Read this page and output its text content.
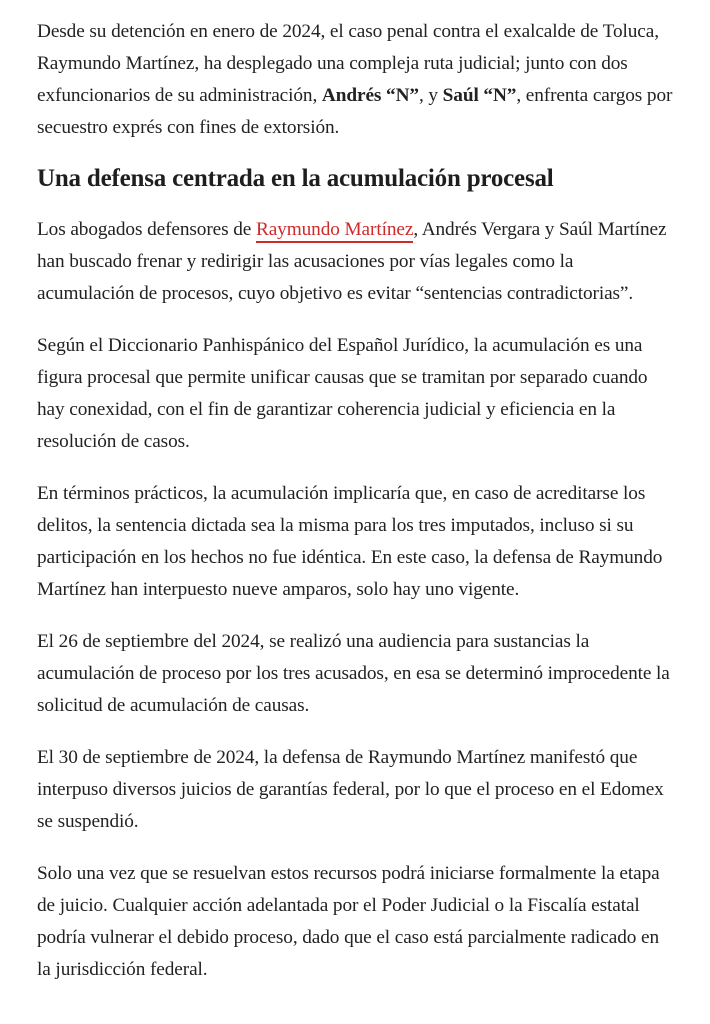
Desde su detención en enero de 2024, el caso penal contra el exalcalde de Toluca, Raymundo Martínez, ha desplegado una compleja ruta judicial; junto con dos exfuncionarios de su administración, Andrés “N”, y Saúl “N”, enfrenta cargos por secuestro exprés con fines de extorsión.

Una defensa centrada en la acumulación procesal

Los abogados defensores de Raymundo Martínez, Andrés Vergara y Saúl Martínez han buscado frenar y redirigir las acusaciones por vías legales como la acumulación de procesos, cuyo objetivo es evitar “sentencias contradictorias”.

Según el Diccionario Panhispánico del Español Jurídico, la acumulación es una figura procesal que permite unificar causas que se tramitan por separado cuando hay conexidad, con el fin de garantizar coherencia judicial y eficiencia en la resolución de casos.

En términos prácticos, la acumulación implicaría que, en caso de acreditarse los delitos, la sentencia dictada sea la misma para los tres imputados, incluso si su participación en los hechos no fue idéntica. En este caso, la defensa de Raymundo Martínez han interpuesto nueve amparos, solo hay uno vigente.

El 26 de septiembre del 2024, se realizó una audiencia para sustancias la acumulación de proceso por los tres acusados, en esa se determinó improcedente la solicitud de acumulación de causas.

El 30 de septiembre de 2024, la defensa de Raymundo Martínez manifestó que interpuso diversos juicios de garantías federal, por lo que el proceso en el Edomex se suspendió.

Solo una vez que se resuelvan estos recursos podrá iniciarse formalmente la etapa de juicio. Cualquier acción adelantada por el Poder Judicial o la Fiscalía estatal podría vulnerar el debido proceso, dado que el caso está parcialmente radicado en la jurisdicción federal.
